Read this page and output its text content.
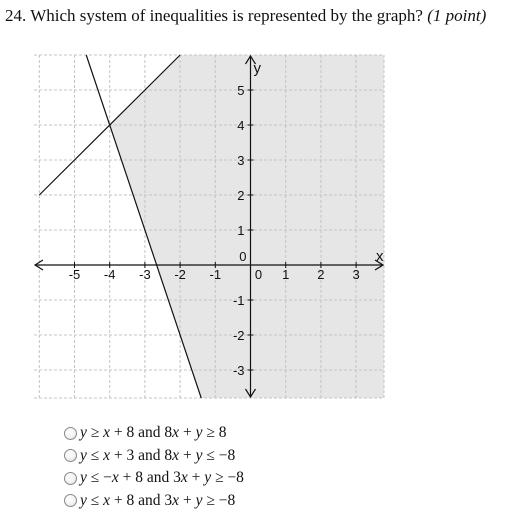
24. Which system of inequalities is represented by the graph? (1 point)
-5 -4 -3 -2 -1	0 1 2 3
-3
-2
-1
0
1
2
3
4
5
x
y
y ≥ x + 8 and 8x + y ≥ 8
y ≤ x + 3 and 8x + y ≤ −8
y ≤ −x + 8 and 3x + y ≥ −8
y ≤ x + 8 and 3x + y ≥ −8
